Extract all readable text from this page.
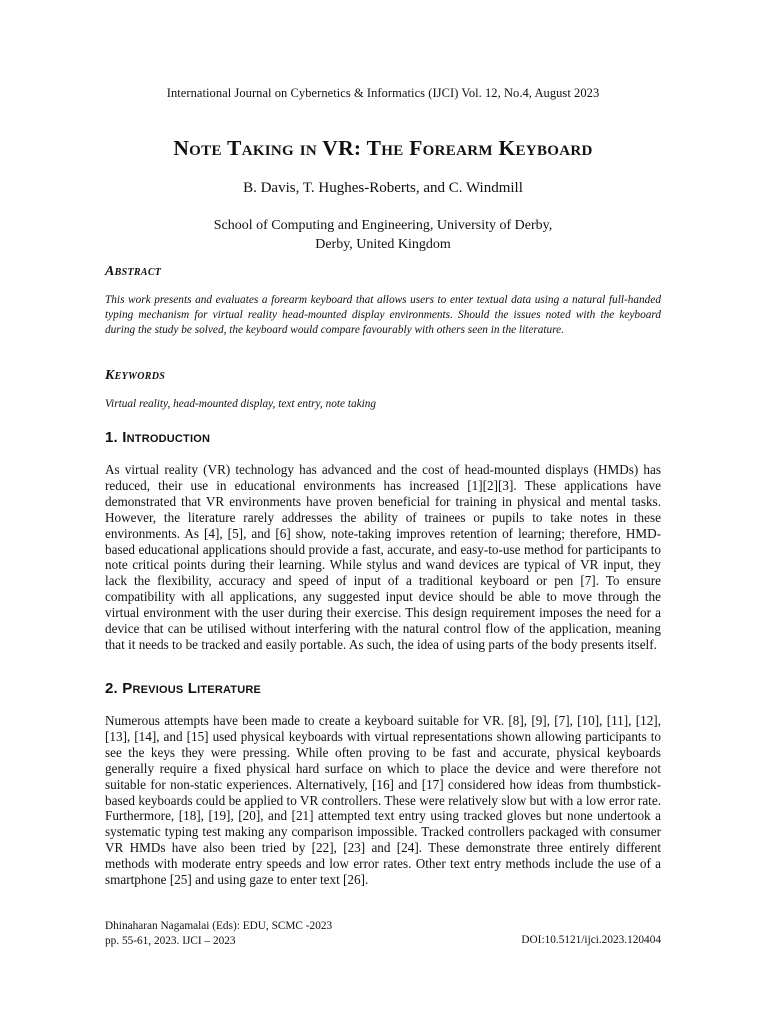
International Journal on Cybernetics & Informatics (IJCI) Vol. 12, No.4, August 2023
Note Taking in VR: The Forearm Keyboard
B. Davis, T. Hughes-Roberts, and C. Windmill
School of Computing and Engineering, University of Derby,
Derby, United Kingdom
Abstract
This work presents and evaluates a forearm keyboard that allows users to enter textual data using a natural full-handed typing mechanism for virtual reality head-mounted display environments. Should the issues noted with the keyboard during the study be solved, the keyboard would compare favourably with others seen in the literature.
Keywords
Virtual reality, head-mounted display, text entry, note taking
1. Introduction
As virtual reality (VR) technology has advanced and the cost of head-mounted displays (HMDs) has reduced, their use in educational environments has increased [1][2][3]. These applications have demonstrated that VR environments have proven beneficial for training in physical and mental tasks. However, the literature rarely addresses the ability of trainees or pupils to take notes in these environments. As [4], [5], and [6] show, note-taking improves retention of learning; therefore, HMD-based educational applications should provide a fast, accurate, and easy-to-use method for participants to note critical points during their learning. While stylus and wand devices are typical of VR input, they lack the flexibility, accuracy and speed of input of a traditional keyboard or pen [7]. To ensure compatibility with all applications, any suggested input device should be able to move through the virtual environment with the user during their exercise. This design requirement imposes the need for a device that can be utilised without interfering with the natural control flow of the application, meaning that it needs to be tracked and easily portable. As such, the idea of using parts of the body presents itself.
2. Previous Literature
Numerous attempts have been made to create a keyboard suitable for VR. [8], [9], [7], [10], [11], [12], [13], [14], and [15] used physical keyboards with virtual representations shown allowing participants to see the keys they were pressing. While often proving to be fast and accurate, physical keyboards generally require a fixed physical hard surface on which to place the device and were therefore not suitable for non-static experiences. Alternatively, [16] and [17] considered how ideas from thumbstick-based keyboards could be applied to VR controllers. These were relatively slow but with a low error rate. Furthermore, [18], [19], [20], and [21] attempted text entry using tracked gloves but none undertook a systematic typing test making any comparison impossible. Tracked controllers packaged with consumer VR HMDs have also been tried by [22], [23] and [24]. These demonstrate three entirely different methods with moderate entry speeds and low error rates. Other text entry methods include the use of a smartphone [25] and using gaze to enter text [26].
Dhinaharan Nagamalai (Eds): EDU, SCMC -2023
pp. 55-61, 2023. IJCI – 2023	DOI:10.5121/ijci.2023.120404
